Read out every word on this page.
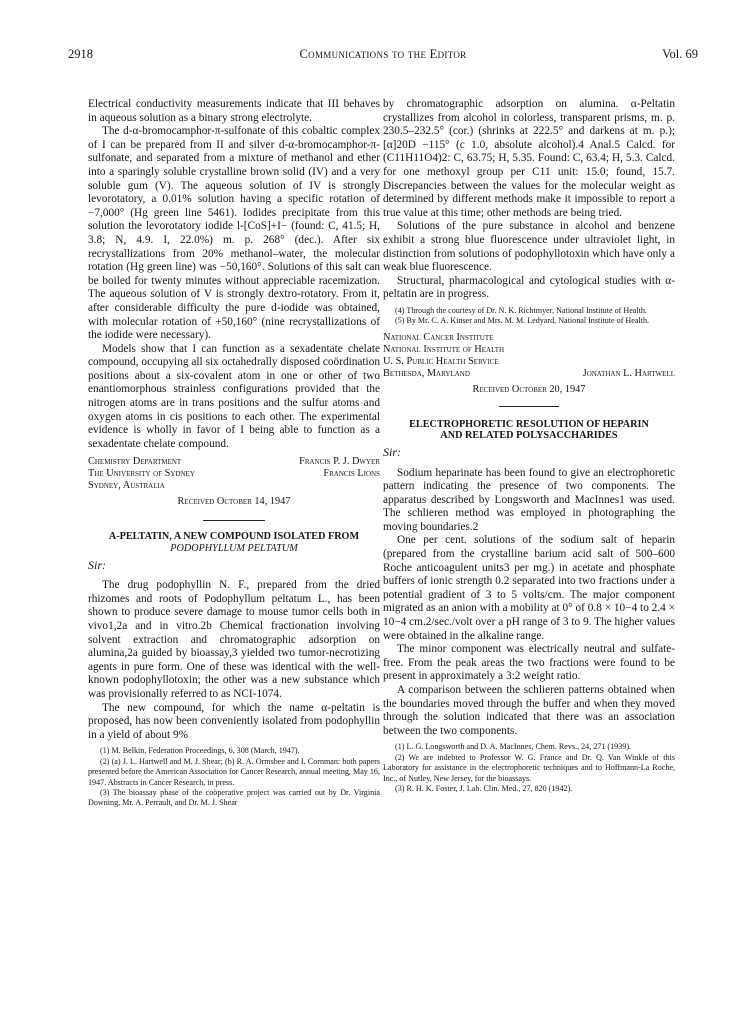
2918	Communications to the Editor	Vol. 69

Electrical conductivity measurements indicate that III behaves in aqueous solution as a binary strong electrolyte.

The d-α-bromocamphor-π-sulfonate of this cobaltic complex of I can be prepared from II and silver d-α-bromocamphor-π-sulfonate, and separated from a mixture of methanol and ether into a sparingly soluble crystalline brown solid (IV) and a very soluble gum (V). The aqueous solution of IV is strongly levorotatory, a 0.01% solution having a specific rotation of −7,000° (Hg green line 5461). Iodides precipitate from this solution the levorotatory iodide l-[CoS]+I− (found: C, 41.5; H, 3.8; N, 4.9. I, 22.0%) m. p. 268° (dec.). After six recrystallizations from 20% methanol–water, the molecular rotation (Hg green line) was −50,160°. Solutions of this salt can be boiled for twenty minutes without appreciable racemization. The aqueous solution of V is strongly dextro-rotatory. From it, after considerable difficulty the pure d-iodide was obtained, with molecular rotation of +50,160° (nine recrystallizations of the iodide were necessary).

Models show that I can function as a sexadentate chelate compound, occupying all six octahedrally disposed coördination positions about a six-covalent atom in one or other of two enantiomorphous strainless configurations provided that the nitrogen atoms are in trans positions and the sulfur atoms and oxygen atoms in cis positions to each other. The experimental evidence is wholly in favor of I being able to function as a sexadentate chelate compound.

Chemistry Department	Francis P. J. Dwyer
The University of Sydney	Francis Lions
Sydney, Australia
Received October 14, 1947
Α-PELTATIN, A NEW COMPOUND ISOLATED FROM
PODOPHYLLUM PELTATUM
Sir:

The drug podophyllin N. F., prepared from the dried rhizomes and roots of Podophyllum peltatum L., has been shown to produce severe damage to mouse tumor cells both in vivo1,2a and in vitro.2b Chemical fractionation involving solvent extraction and chromatographic adsorption on alumina,2a guided by bioassay,3 yielded two tumor-necrotizing agents in pure form. One of these was identical with the well-known podophyllotoxin; the other was a new substance which was provisionally referred to as NCI-1074.

The new compound, for which the name α-peltatin is proposed, has now been conveniently isolated from podophyllin in a yield of about 9%

(1) M. Belkin, Federation Proceedings, 6, 308 (March, 1947).

(2) (a) J. L. Hartwell and M. J. Shear; (b) R. A. Ormsbee and I. Cornman: both papers presented before the American Association for Cancer Research, annual meeting, May 16, 1947. Abstracts in Cancer Research, in press.

(3) The bioassay phase of the coöperative project was carried out by Dr. Virginia Downing, Mr. A. Perrault, and Dr. M. J. Shear

by chromatographic adsorption on alumina. α-Peltatin crystallizes from alcohol in colorless, transparent prisms, m. p. 230.5–232.5° (cor.) (shrinks at 222.5° and darkens at m. p.); [α]20D −115° (c 1.0, absolute alcohol).4 Anal.5 Calcd. for (C11H11O4)2: C, 63.75; H, 5.35. Found: C, 63.4; H, 5.3. Calcd. for one methoxyl group per C11 unit: 15.0; found, 15.7. Discrepancies between the values for the molecular weight as determined by different methods make it impossible to report a true value at this time; other methods are being tried.

Solutions of the pure substance in alcohol and benzene exhibit a strong blue fluorescence under ultraviolet light, in distinction from solutions of podophyllotoxin which have only a weak blue fluorescence.

Structural, pharmacological and cytological studies with α-peltatin are in progress.

(4) Through the courtesy of Dr. N. K. Richtmyer, National Institute of Health.

(5) By Mr. C. A. Kinser and Mrs. M. M. Ledyard, National Institute of Health.

National Cancer Institute
National Institute of Health
U. S. Public Health Service
Bethesda, Maryland	Jonathan L. Hartwell
Received October 20, 1947
ELECTROPHORETIC RESOLUTION OF HEPARIN
AND RELATED POLYSACCHARIDES
Sir:

Sodium heparinate has been found to give an electrophoretic pattern indicating the presence of two components. The apparatus described by Longsworth and MacInnes1 was used. The schlieren method was employed in photographing the moving boundaries.2

One per cent. solutions of the sodium salt of heparin (prepared from the crystalline barium acid salt of 500–600 Roche anticoagulent units3 per mg.) in acetate and phosphate buffers of ionic strength 0.2 separated into two fractions under a potential gradient of 3 to 5 volts/cm. The major component migrated as an anion with a mobility at 0° of 0.8 × 10−4 to 2.4 × 10−4 cm.2/sec./volt over a pH range of 3 to 9. The higher values were obtained in the alkaline range.

The minor component was electrically neutral and sulfate-free. From the peak areas the two fractions were found to be present in approximately a 3:2 weight ratio.

A comparison between the schlieren patterns obtained when the boundaries moved through the buffer and when they moved through the solution indicated that there was an association between the two components.

(1) L. G. Longsworth and D. A. MacInnes, Chem. Revs., 24, 271 (1939).

(2) We are indebted to Professor W. G. France and Dr. Q. Van Winkle of this Laboratory for assistance in the electrophoretic techniques and to Hoffmann-La Roche, Inc., of Nutley, New Jersey, for the bioassays.

(3) R. H. K. Foster, J. Lab. Clin. Med., 27, 820 (1942).
